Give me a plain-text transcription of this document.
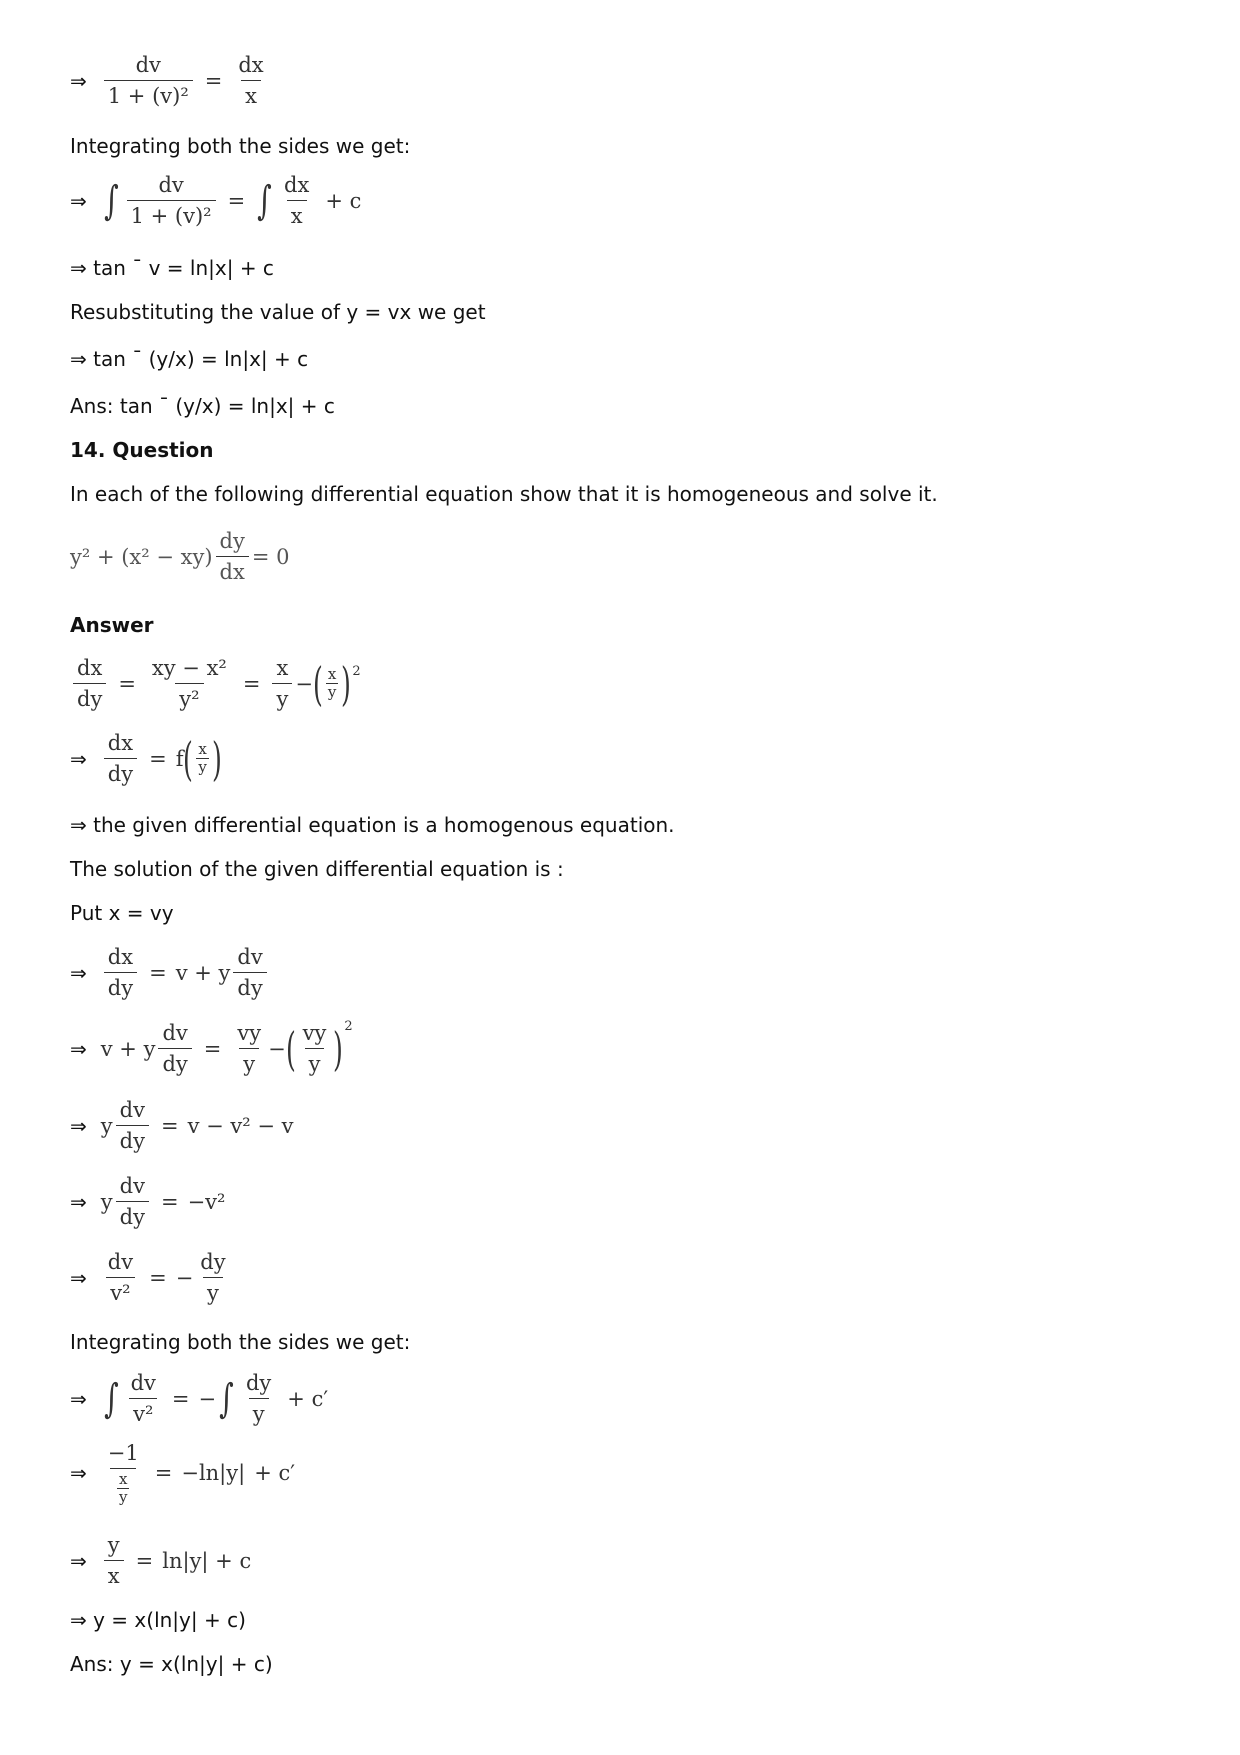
⇒ $\frac{dv}{\text{1 + (v)²}} = \frac{dx}{x}$
Integrating both the sides we get:
⇒ ∫ $\frac{dv}{\text{1 + (v)²}}$ = ∫ $\frac{dx}{x} + c$
⇒ tan ˉ v = ln|x| + c
Resubstituting the value of y = vx we get
⇒ tan ˉ (y/x) = ln|x| + c
Ans: tan ˉ (y/x) = ln|x| + c
14. Question
In each of the following differential equation show that it is homogeneous and solve it.
$y^2 + (x^2 - xy) \frac{dy}{dx} = 0$
Answer
$\frac{dx}{dy} = \frac{\text{xy − x²}}{\text{y²}} = \frac{x}{y}$ − ( $\frac{x}{y}$ ) 2
⇒ $\frac{dx}{dy} = f$ ( $\frac{x}{y}$ )
⇒ the given differential equation is a homogenous equation.
The solution of the given differential equation is :
Put x = vy
⇒ $\frac{dx}{dy} = v + y \frac{dv}{dy}$
⇒ v + y $\frac{dv}{dy} = \frac{vy}{y}$ − ( $\frac{vy}{y}$ ) 2
⇒ y $\frac{dv}{dy} = v - v^2 - v$
⇒ y $\frac{dv}{dy} = -v^2$
⇒ $\frac{dv}{\text{v²}}$ = − $\frac{dy}{y}$
Integrating both the sides we get:
⇒ ∫ $\frac{dv}{\text{v²}}$ = − ∫ $\frac{dy}{y} + c'$
⇒ $\frac{-1}{\frac{x}{y}} = -\ln|y| + c'$
⇒ $\frac{y}{x} = \ln|y| + c$
⇒ y = x(ln|y| + c)
Ans: y = x(ln|y| + c)
